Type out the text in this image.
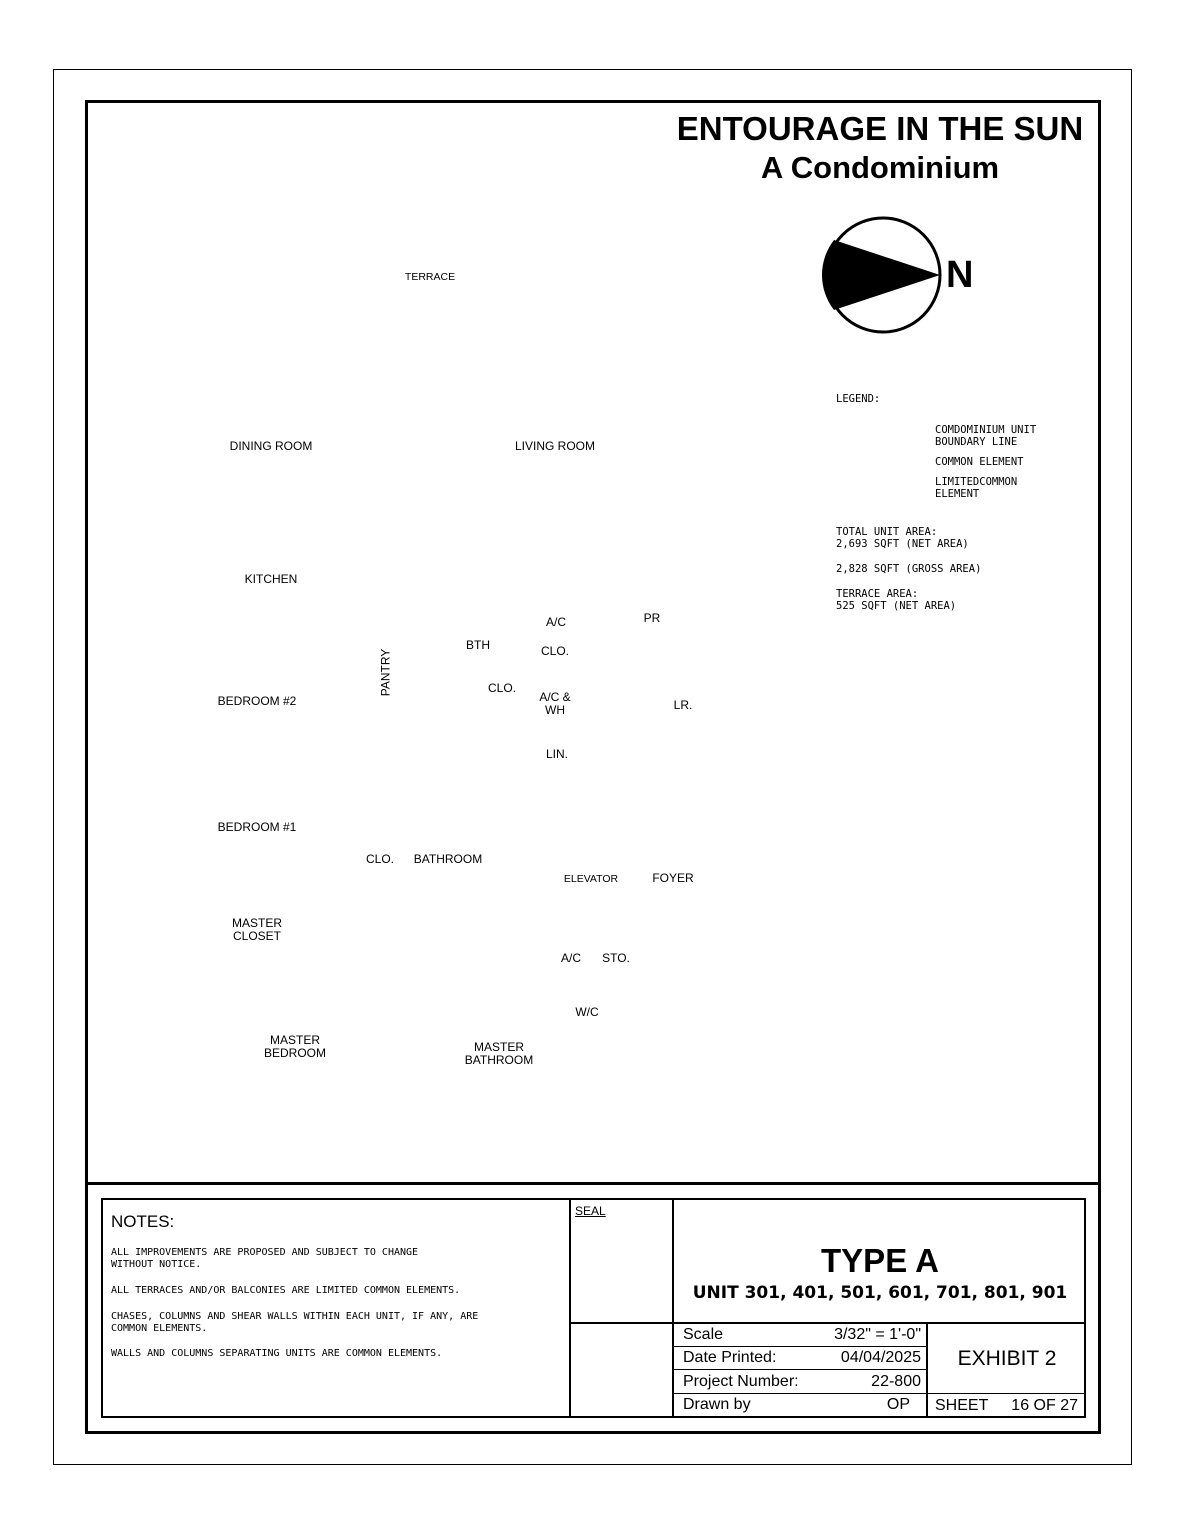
ENTOURAGE IN THE SUN
A Condominium
N
TERRACE
DINING ROOM	LIVING ROOM
KITCHEN
A/C	PR
BTH	CLO.
PANTRY	CLO.
A/C &
WH	LR.
BEDROOM #2
LIN.
BEDROOM #1
CLO.	BATHROOM
ELEVATOR	FOYER
MASTER
CLOSET
A/C	STO.
W/C
MASTER
BEDROOM	MASTER
BATHROOM
LEGEND:
COMDOMINIUM UNIT
BOUNDARY LINE
COMMON ELEMENT
LIMITEDCOMMON
ELEMENT
TOTAL UNIT AREA:
2,693 SQFT (NET AREA)
2,828 SQFT (GROSS AREA)
TERRACE AREA:
525 SQFT (NET AREA)
NOTES:
ALL IMPROVEMENTS ARE PROPOSED AND SUBJECT TO CHANGE
WITHOUT NOTICE.
ALL TERRACES AND/OR BALCONIES ARE LIMITED COMMON ELEMENTS.
CHASES, COLUMNS AND SHEAR WALLS WITHIN EACH UNIT, IF ANY, ARE
COMMON ELEMENTS.
WALLS AND COLUMNS SEPARATING UNITS ARE COMMON ELEMENTS.
SEAL
TYPE A
UNIT 301, 401, 501, 601, 701, 801, 901
Scale	3/32" = 1'-0"
Date Printed:	04/04/2025
Project Number:	22-800
Drawn by	OP
EXHIBIT 2
SHEET	16 OF 27
